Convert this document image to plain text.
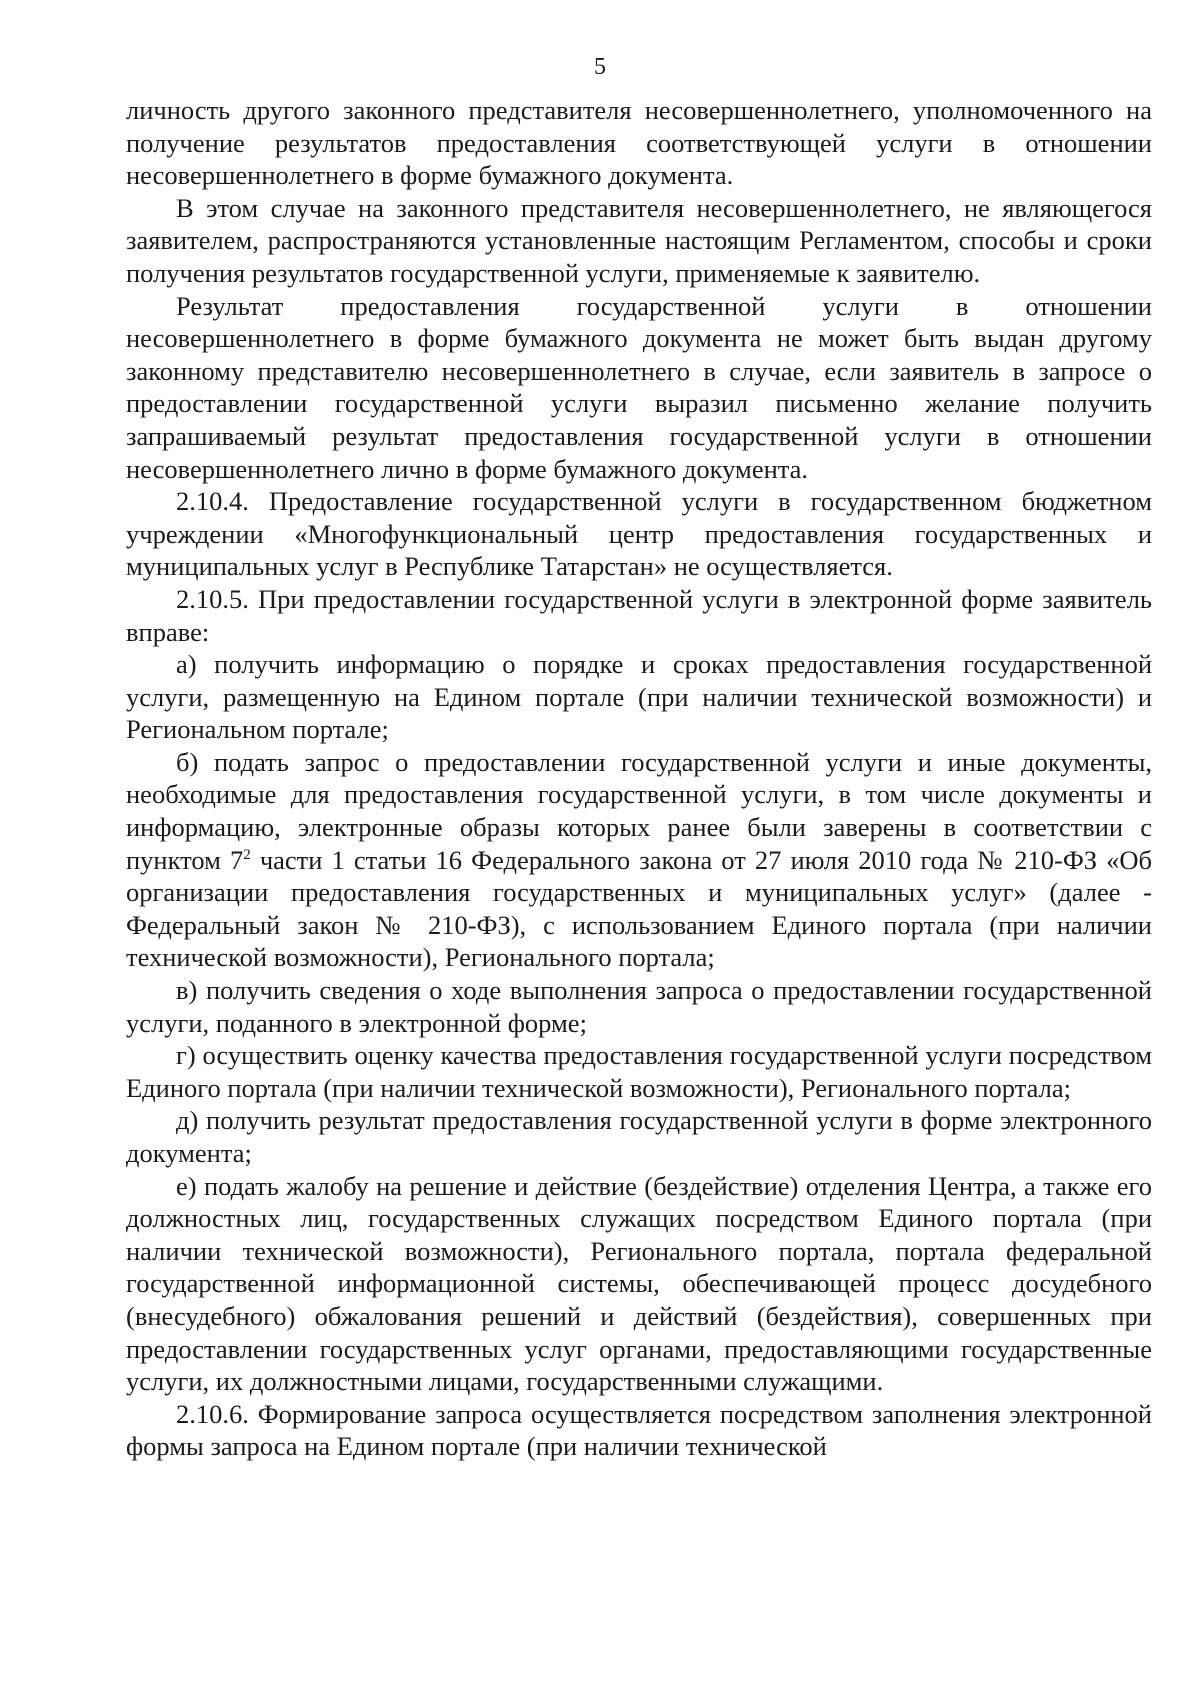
5

личность другого законного представителя несовершеннолетнего, уполномоченного на получение результатов предоставления соответствующей услуги в отношении несовершеннолетнего в форме бумажного документа.

В этом случае на законного представителя несовершеннолетнего, не являющегося заявителем, распространяются установленные настоящим Регламентом, способы и сроки получения результатов государственной услуги, применяемые к заявителю.

Результат предоставления государственной услуги в отношении несовершеннолетнего в форме бумажного документа не может быть выдан другому законному представителю несовершеннолетнего в случае, если заявитель в запросе о предоставлении государственной услуги выразил письменно желание получить запрашиваемый результат предоставления государственной услуги в отношении несовершеннолетнего лично в форме бумажного документа.

2.10.4. Предоставление государственной услуги в государственном бюджетном учреждении «Многофункциональный центр предоставления государственных и муниципальных услуг в Республике Татарстан» не осуществляется.

2.10.5. При предоставлении государственной услуги в электронной форме заявитель вправе:

а) получить информацию о порядке и сроках предоставления государственной услуги, размещенную на Едином портале (при наличии технической возможности) и Региональном портале;

б) подать запрос о предоставлении государственной услуги и иные документы, необходимые для предоставления государственной услуги, в том числе документы и информацию, электронные образы которых ранее были заверены в соответствии с пунктом $7^2$ части 1 статьи 16 Федерального закона от 27 июля 2010 года № 210-ФЗ «Об организации предоставления государственных и муниципальных услуг» (далее - Федеральный закон № 210-ФЗ), с использованием Единого портала (при наличии технической возможности), Регионального портала;

в) получить сведения о ходе выполнения запроса о предоставлении государственной услуги, поданного в электронной форме;

г) осуществить оценку качества предоставления государственной услуги посредством Единого портала (при наличии технической возможности), Регионального портала;

д) получить результат предоставления государственной услуги в форме электронного документа;

е) подать жалобу на решение и действие (бездействие) отделения Центра, а также его должностных лиц, государственных служащих посредством Единого портала (при наличии технической возможности), Регионального портала, портала федеральной государственной информационной системы, обеспечивающей процесс досудебного (внесудебного) обжалования решений и действий (бездействия), совершенных при предоставлении государственных услуг органами, предоставляющими государственные услуги, их должностными лицами, государственными служащими.

2.10.6. Формирование запроса осуществляется посредством заполнения электронной формы запроса на Едином портале (при наличии технической
